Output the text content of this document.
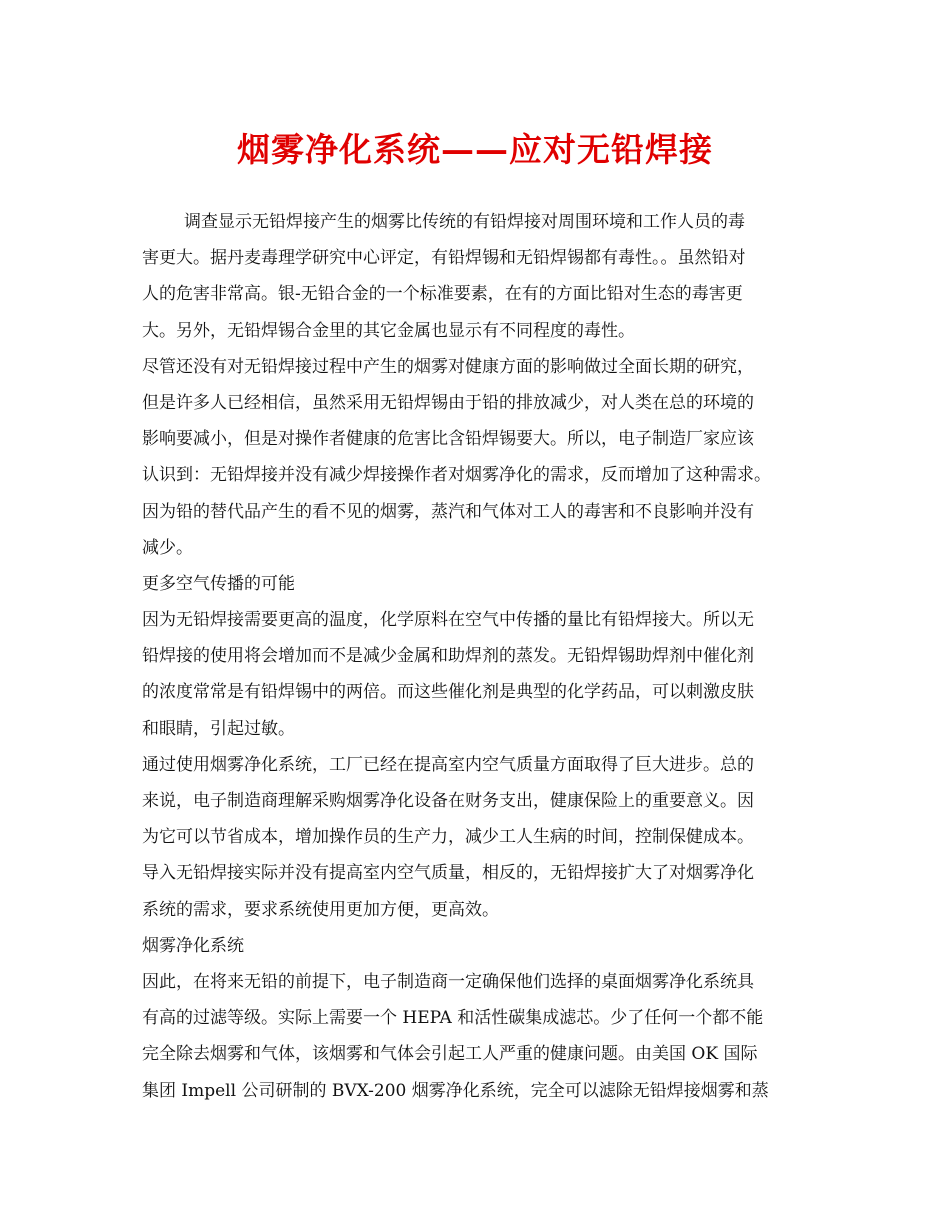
烟雾净化系统——应对无铅焊接
调查显示无铅焊接产生的烟雾比传统的有铅焊接对周围环境和工作人员的毒
害更大。据丹麦毒理学研究中心评定，有铅焊锡和无铅焊锡都有毒性。。虽然铅对
人的危害非常高。银-无铅合金的一个标准要素，在有的方面比铅对生态的毒害更
大。另外，无铅焊锡合金里的其它金属也显示有不同程度的毒性。
尽管还没有对无铅焊接过程中产生的烟雾对健康方面的影响做过全面长期的研究，
但是许多人已经相信，虽然采用无铅焊锡由于铅的排放减少，对人类在总的环境的
影响要减小，但是对操作者健康的危害比含铅焊锡要大。所以，电子制造厂家应该
认识到：无铅焊接并没有减少焊接操作者对烟雾净化的需求，反而增加了这种需求。
因为铅的替代品产生的看不见的烟雾，蒸汽和气体对工人的毒害和不良影响并没有
减少。
更多空气传播的可能
因为无铅焊接需要更高的温度，化学原料在空气中传播的量比有铅焊接大。所以无
铅焊接的使用将会增加而不是减少金属和助焊剂的蒸发。无铅焊锡助焊剂中催化剂
的浓度常常是有铅焊锡中的两倍。而这些催化剂是典型的化学药品，可以刺激皮肤
和眼睛，引起过敏。
通过使用烟雾净化系统，工厂已经在提高室内空气质量方面取得了巨大进步。总的
来说，电子制造商理解采购烟雾净化设备在财务支出，健康保险上的重要意义。因
为它可以节省成本，增加操作员的生产力，减少工人生病的时间，控制保健成本。
导入无铅焊接实际并没有提高室内空气质量，相反的，无铅焊接扩大了对烟雾净化
系统的需求，要求系统使用更加方便，更高效。
烟雾净化系统
因此，在将来无铅的前提下，电子制造商一定确保他们选择的桌面烟雾净化系统具
有高的过滤等级。实际上需要一个 HEPA 和活性碳集成滤芯。少了任何一个都不能
完全除去烟雾和气体，该烟雾和气体会引起工人严重的健康问题。由美国 OK 国际
集团 Impell 公司研制的 BVX-200 烟雾净化系统，完全可以滤除无铅焊接烟雾和蒸
